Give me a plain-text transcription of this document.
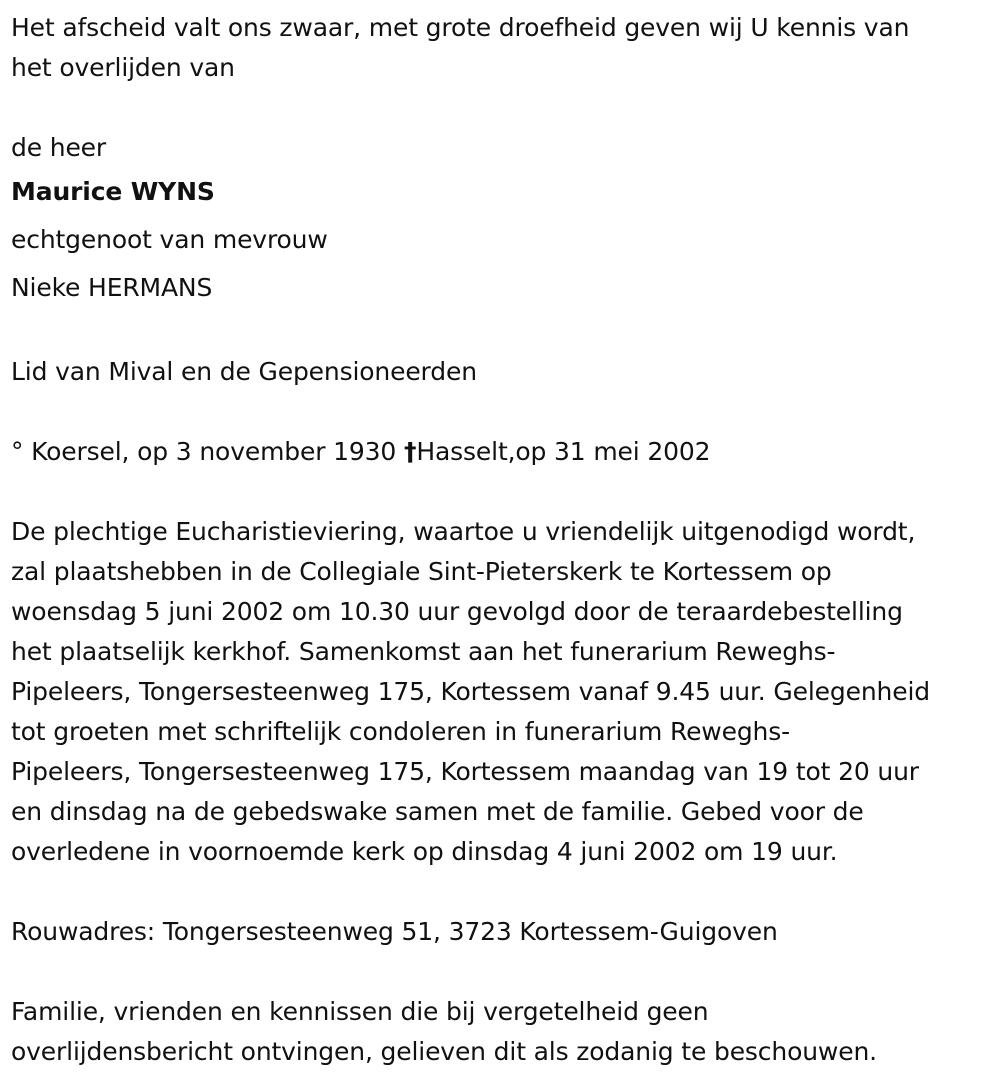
Het afscheid valt ons zwaar, met grote droefheid geven wij U kennis van
het overlijden van
de heer
Maurice WYNS
echtgenoot van mevrouw
Nieke HERMANS
Lid van Mival en de Gepensioneerden
° Koersel, op 3 november 1930 †Hasselt,op 31 mei 2002
De plechtige Eucharistieviering, waartoe u vriendelijk uitgenodigd wordt,
zal plaatshebben in de Collegiale Sint-Pieterskerk te Kortessem op
woensdag 5 juni 2002 om 10.30 uur gevolgd door de teraardebestelling
het plaatselijk kerkhof. Samenkomst aan het funerarium Reweghs-
Pipeleers, Tongersesteenweg 175, Kortessem vanaf 9.45 uur. Gelegenheid
tot groeten met schriftelijk condoleren in funerarium Reweghs-
Pipeleers, Tongersesteenweg 175, Kortessem maandag van 19 tot 20 uur
en dinsdag na de gebedswake samen met de familie. Gebed voor de
overledene in voornoemde kerk op dinsdag 4 juni 2002 om 19 uur.
Rouwadres: Tongersesteenweg 51, 3723 Kortessem-Guigoven
Familie, vrienden en kennissen die bij vergetelheid geen
overlijdensbericht ontvingen, gelieven dit als zodanig te beschouwen.
